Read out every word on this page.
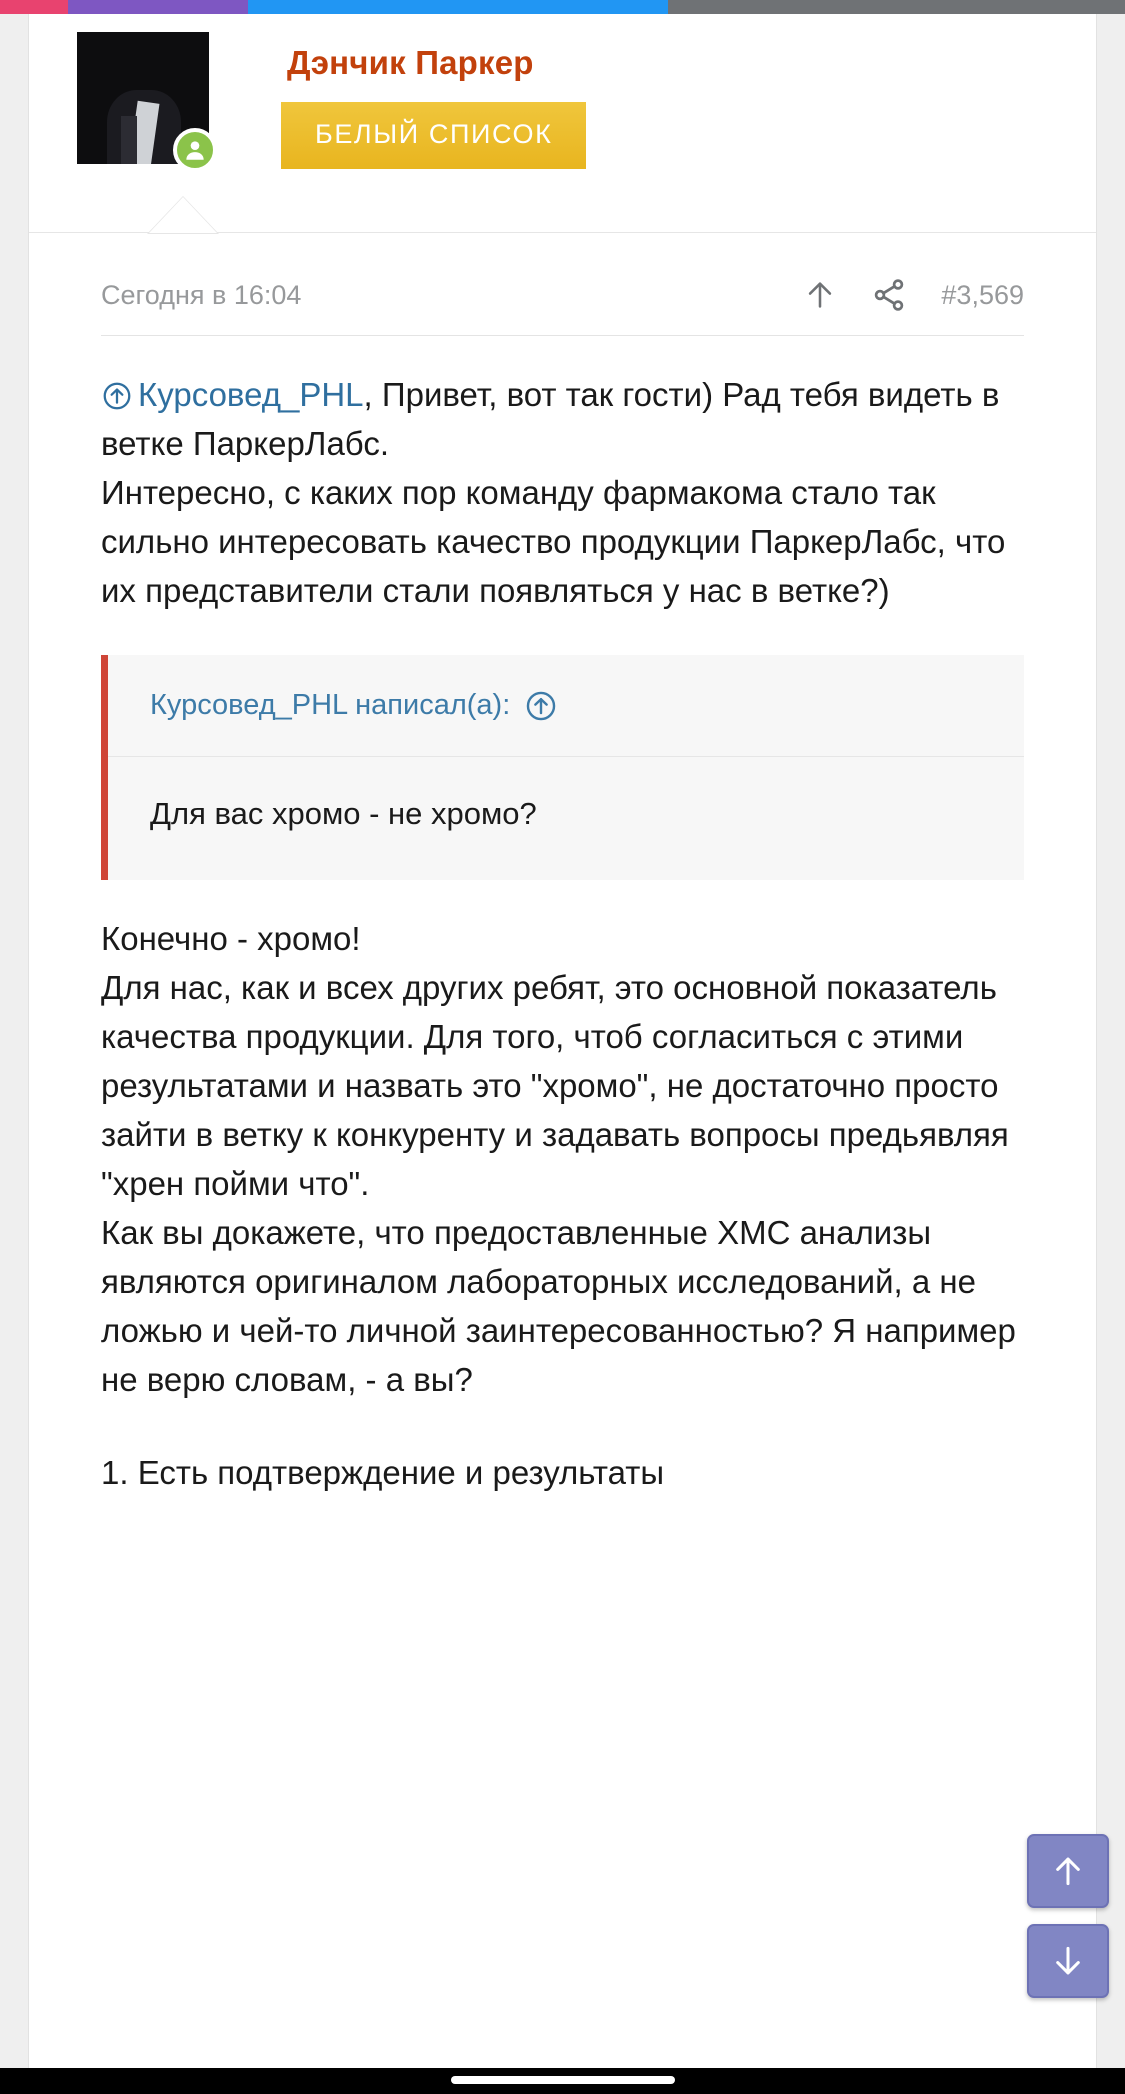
Дэнчик Паркер
БЕЛЫЙ СПИСОК
Сегодня в 16:04	#3,569
Курсовед_PHL, Привет, вот так гости) Рад тебя видеть в ветке ПаркерЛабс.
Интересно, с каких пор команду фармакома стало так сильно интересовать качество продукции ПаркерЛабс, что их представители стали появляться у нас в ветке?)
Курсовед_PHL написал(а):
Для вас хромо - не хромо?
Конечно - хромо!
Для нас, как и всех других ребят, это основной показатель качества продукции. Для того, чтоб согласиться с этими результатами и назвать это "хромо", не достаточно просто зайти в ветку к конкуренту и задавать вопросы предьявляя "хрен пойми что".
Как вы докажете, что предоставленные ХМС анализы являются оригиналом лабораторных исследований, а не ложью и чей-то личной заинтересованностью? Я например не верю словам, - а вы?
1. Есть подтверждение и результаты
